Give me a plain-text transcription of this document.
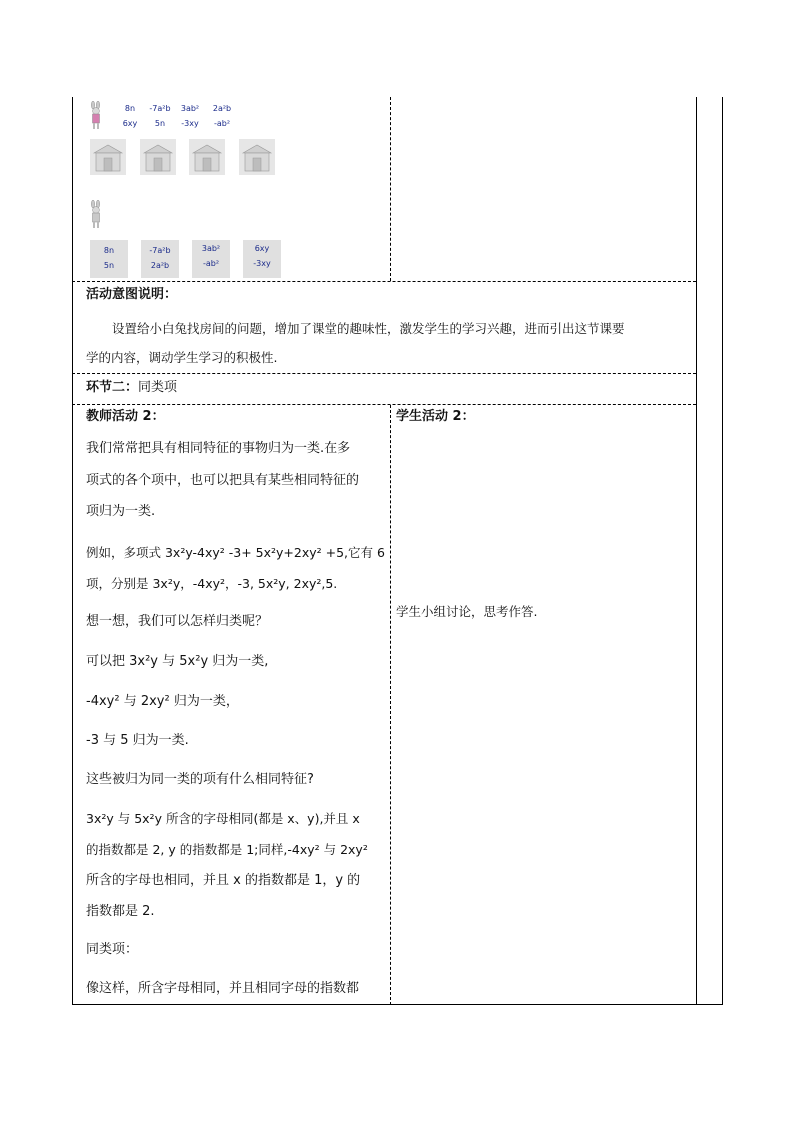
8n
6xy
-7a²b
5n
3ab²
-3xy
2a²b
-ab²
8n
5n
-7a²b
2a²b
3ab²
-ab²
6xy
-3xy
活动意图说明：
设置给小白兔找房间的问题，增加了课堂的趣味性，激发学生的学习兴趣，进而引出这节课要
学的内容，调动学生学习的积极性.
环节二：同类项
教师活动 2：
我们常常把具有相同特征的事物归为一类.在多
项式的各个项中，也可以把具有某些相同特征的
项归为一类.
例如，多项式 3x²y-4xy² -3+ 5x²y+2xy² +5,它有 6
项，分别是 3x²y，-4xy²，-3, 5x²y, 2xy²,5.
想一想，我们可以怎样归类呢？
可以把 3x²y 与 5x²y 归为一类,
-4xy² 与 2xy² 归为一类，
-3 与 5 归为一类.
这些被归为同一类的项有什么相同特征?
3x²y 与 5x²y 所含的字母相同(都是 x、y),并且 x
的指数都是 2, y 的指数都是 1;同样,-4xy² 与 2xy²
所含的字母也相同，并且 x 的指数都是 1，y 的
指数都是 2.
同类项：
像这样，所含字母相同，并且相同字母的指数都
学生活动 2：
学生小组讨论，思考作答.
